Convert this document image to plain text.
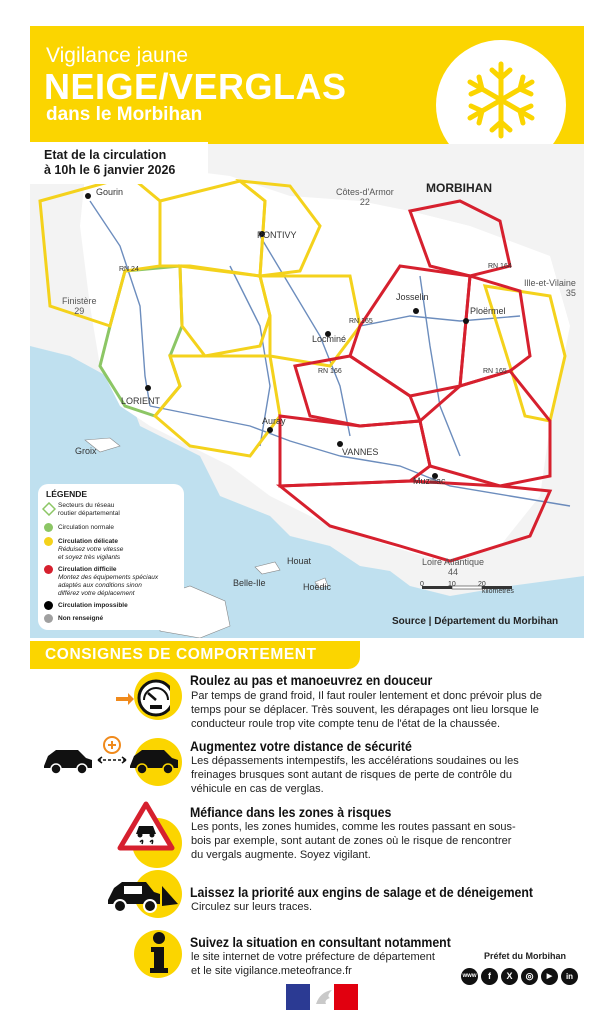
Vigilance jaune
NEIGE/VERGLAS
dans le Morbihan
Etat de la circulation
à 10h le 6 janvier 2026
MORBIHAN
Côtes-d'Armor
22
Finistère
29
Ille-et-Vilaine
35
Loire Atlantique
44
Gourin
PONTIVY
Josselin
Ploërmel
Locminé
LORIENT
Auray
VANNES
Muzillac
Groix
Belle-Ile
Houat
Hoëdic
RN 164
RN 24
RN 165
RN 166	RN 165
0	10	20
kilomètres
Source | Département du Morbihan
LÉGENDE
Secteurs du réseau
routier départemental
Circulation normale
Circulation délicate
Réduisez votre vitesse
et soyez très vigilants
Circulation difficile
Montez des équipements spéciaux
adaptés aux conditions sinon
différez votre déplacement
Circulation impossible
Non renseigné
CONSIGNES DE COMPORTEMENT
Roulez au pas et manoeuvrez en douceur
Par temps de grand froid, Il faut rouler lentement et donc prévoir plus de
temps pour se déplacer. Très souvent, les dérapages ont lieu lorsque le
conducteur roule trop vite compte tenu de l'état de la chaussée.
Augmentez votre distance de sécurité
Les dépassements intempestifs, les accélérations soudaines ou les
freinages brusques sont autant de risques de perte de contrôle du
véhicule en cas de verglas.
Méfiance dans les zones à risques
Les ponts, les zones humides, comme les routes passant en sous-
bois par exemple, sont autant de zones où le risque de rencontrer
du vergals augmente. Soyez vigilant.
Laissez la priorité aux engins de salage et de déneigement
Circulez sur leurs traces.
Suivez la situation en consultant notamment
le site internet de votre préfecture de département
et le site vigilance.meteofrance.fr
Préfet du Morbihan
www	f	X	◎	▶	in
